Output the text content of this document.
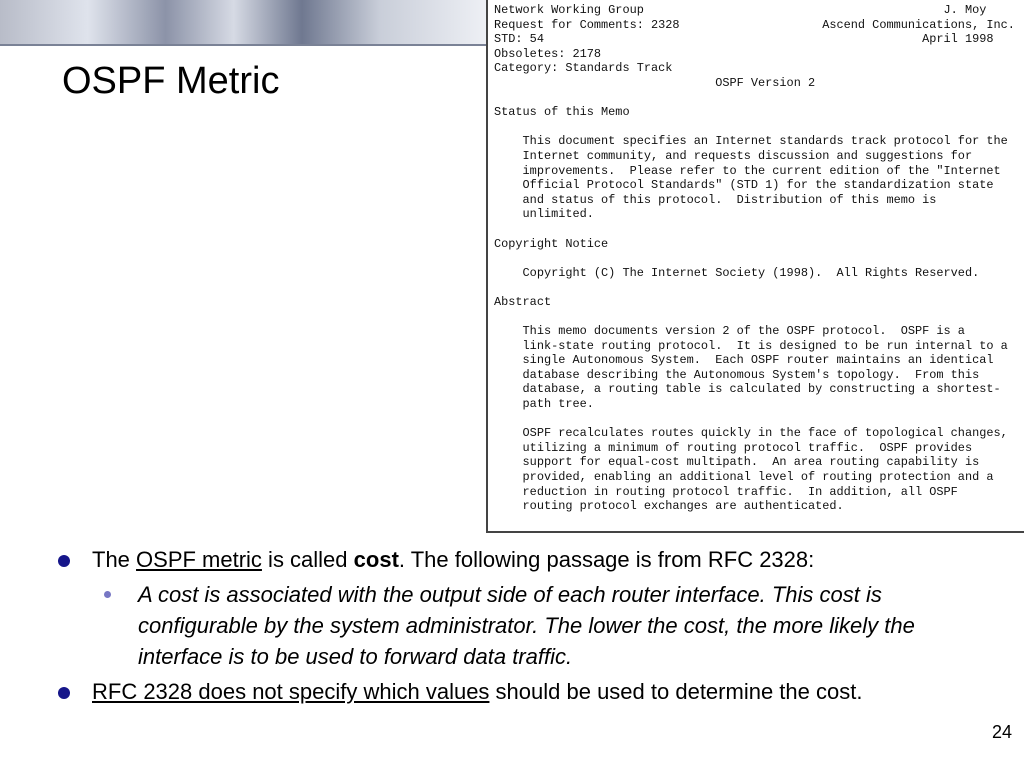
OSPF Metric
Network Working Group                                          J. Moy
Request for Comments: 2328                    Ascend Communications, Inc.
STD: 54                                                     April 1998
Obsoletes: 2178
Category: Standards Track
OSPF Version 2

Status of this Memo

This document specifies an Internet standards track protocol for the
Internet community, and requests discussion and suggestions for
improvements.  Please refer to the current edition of the "Internet
Official Protocol Standards" (STD 1) for the standardization state
and status of this protocol.  Distribution of this memo is
unlimited.

Copyright Notice

Copyright (C) The Internet Society (1998).  All Rights Reserved.

Abstract

This memo documents version 2 of the OSPF protocol.  OSPF is a
link-state routing protocol.  It is designed to be run internal to a
single Autonomous System.  Each OSPF router maintains an identical
database describing the Autonomous System's topology.  From this
database, a routing table is calculated by constructing a shortest-
path tree.

OSPF recalculates routes quickly in the face of topological changes,
utilizing a minimum of routing protocol traffic.  OSPF provides
support for equal-cost multipath.  An area routing capability is
provided, enabling an additional level of routing protection and a
reduction in routing protocol traffic.  In addition, all OSPF
routing protocol exchanges are authenticated.
The OSPF metric is called cost. The following passage is from RFC 2328:
A cost is associated with the output side of each router interface. This cost is configurable by the system administrator. The lower the cost, the more likely the interface is to be used to forward data traffic.
RFC 2328 does not specify which values should be used to determine the cost.
24
